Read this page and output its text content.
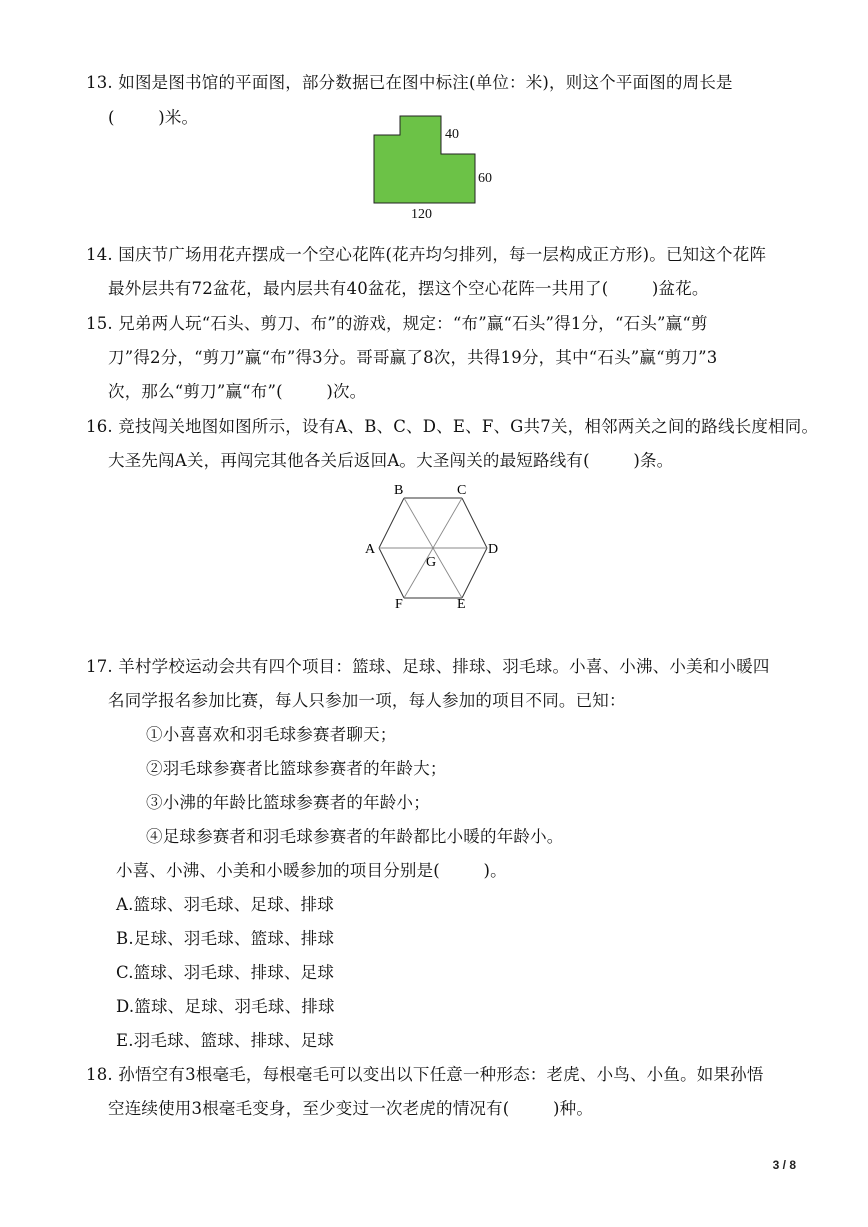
13. 如图是图书馆的平面图，部分数据已在图中标注(单位：米)，则这个平面图的周长是
(        )米。
40
60
120
14. 国庆节广场用花卉摆成一个空心花阵(花卉均匀排列，每一层构成正方形)。已知这个花阵
最外层共有72盆花，最内层共有40盆花，摆这个空心花阵一共用了(        )盆花。
15. 兄弟两人玩“石头、剪刀、布”的游戏，规定：“布”赢“石头”得1分，“石头”赢“剪
刀”得2分，“剪刀”赢“布”得3分。哥哥赢了8次，共得19分，其中“石头”赢“剪刀”3
次，那么“剪刀”赢“布”(        )次。
16. 竞技闯关地图如图所示，设有A、B、C、D、E、F、G共7关，相邻两关之间的路线长度相同。
大圣先闯A关，再闯完其他各关后返回A。大圣闯关的最短路线有(        )条。
B	C
A	D
G
F	E
17. 羊村学校运动会共有四个项目：篮球、足球、排球、羽毛球。小喜、小沸、小美和小暖四
名同学报名参加比赛，每人只参加一项，每人参加的项目不同。已知：
①小喜喜欢和羽毛球参赛者聊天；
②羽毛球参赛者比篮球参赛者的年龄大；
③小沸的年龄比篮球参赛者的年龄小；
④足球参赛者和羽毛球参赛者的年龄都比小暖的年龄小。
小喜、小沸、小美和小暖参加的项目分别是(        )。
A.篮球、羽毛球、足球、排球
B.足球、羽毛球、篮球、排球
C.篮球、羽毛球、排球、足球
D.篮球、足球、羽毛球、排球
E.羽毛球、篮球、排球、足球
18. 孙悟空有3根毫毛，每根毫毛可以变出以下任意一种形态：老虎、小鸟、小鱼。如果孙悟
空连续使用3根毫毛变身，至少变过一次老虎的情况有(        )种。
3 / 8
